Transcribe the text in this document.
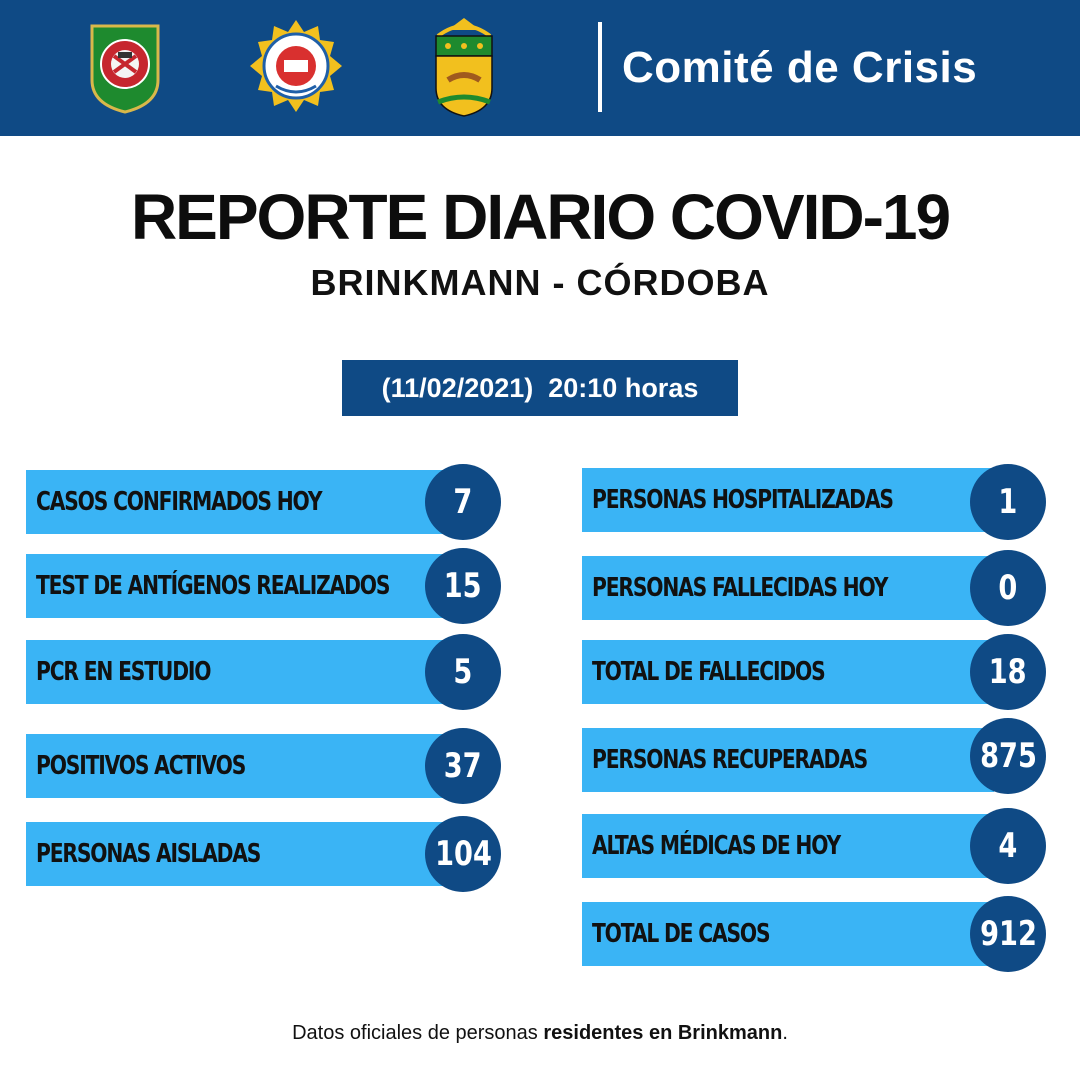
Comité de Crisis
REPORTE DIARIO COVID-19
BRINKMANN - CÓRDOBA
(11/02/2021)  20:10 horas
CASOS CONFIRMADOS HOY	7
TEST DE ANTÍGENOS REALIZADOS	15
PCR EN ESTUDIO	5
POSITIVOS ACTIVOS	37
PERSONAS AISLADAS	104
PERSONAS HOSPITALIZADAS	1
PERSONAS FALLECIDAS HOY	0
TOTAL DE FALLECIDOS	18
PERSONAS RECUPERADAS	875
ALTAS MÉDICAS DE HOY	4
TOTAL DE CASOS	912
Datos oficiales de personas residentes en Brinkmann.
